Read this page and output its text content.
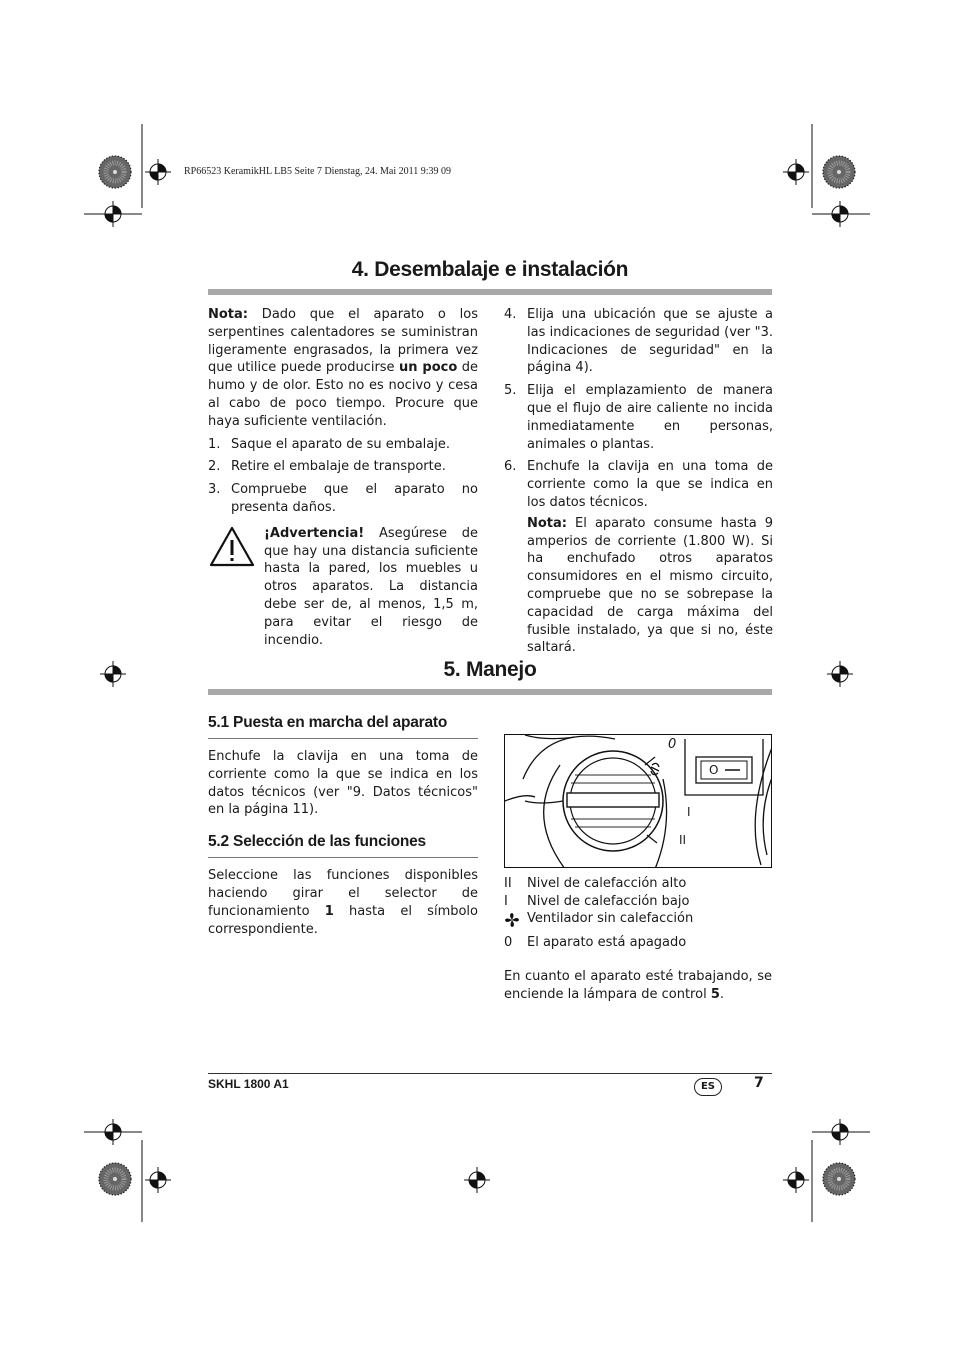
RP66523 KeramikHL LB5 Seite 7 Dienstag, 24. Mai 2011 9:39 09
4. Desembalaje e instalación

Nota: Dado que el aparato o los serpentines calentadores se suministran ligeramente engrasados, la primera vez que utilice puede producirse un poco de humo y de olor. Esto no es nocivo y cesa al cabo de poco tiempo. Procure que haya suficiente ventilación.

1. Saque el aparato de su embalaje.
2. Retire el embalaje de transporte.
3. Compruebe que el aparato no presenta daños.

¡Advertencia! Asegúrese de que hay una distancia suficiente hasta la pared, los muebles u otros aparatos. La distancia debe ser de, al menos, 1,5 m, para evitar el riesgo de incendio.

4. Elija una ubicación que se ajuste a las indicaciones de seguridad (ver "3. Indicaciones de seguridad" en la página 4).
5. Elija el emplazamiento de manera que el flujo de aire caliente no incida inmediatamente en personas, animales o plantas.
6. Enchufe la clavija en una toma de corriente como la que se indica en los datos técnicos.

Nota: El aparato consume hasta 9 amperios de corriente (1.800 W). Si ha enchufado otros aparatos consumidores en el mismo circuito, compruebe que no se sobrepase la capacidad de carga máxima del fusible instalado, ya que si no, éste saltará.

5. Manejo
5.1 Puesta en marcha del aparato
Enchufe la clavija en una toma de corriente como la que se indica en los datos técnicos (ver "9. Datos técnicos" en la página 11).
5.2 Selección de las funciones

Seleccione las funciones disponibles haciendo girar el selector de funcionamiento 1 hasta el símbolo correspondiente.

0
O
I
II
II	Nivel de calefacción alto
I	Nivel de calefacción bajo
Ventilador sin calefacción
0	El aparato está apagado

En cuanto el aparato esté trabajando, se enciende la lámpara de control 5.

SKHL 1800 A1	ES	7
